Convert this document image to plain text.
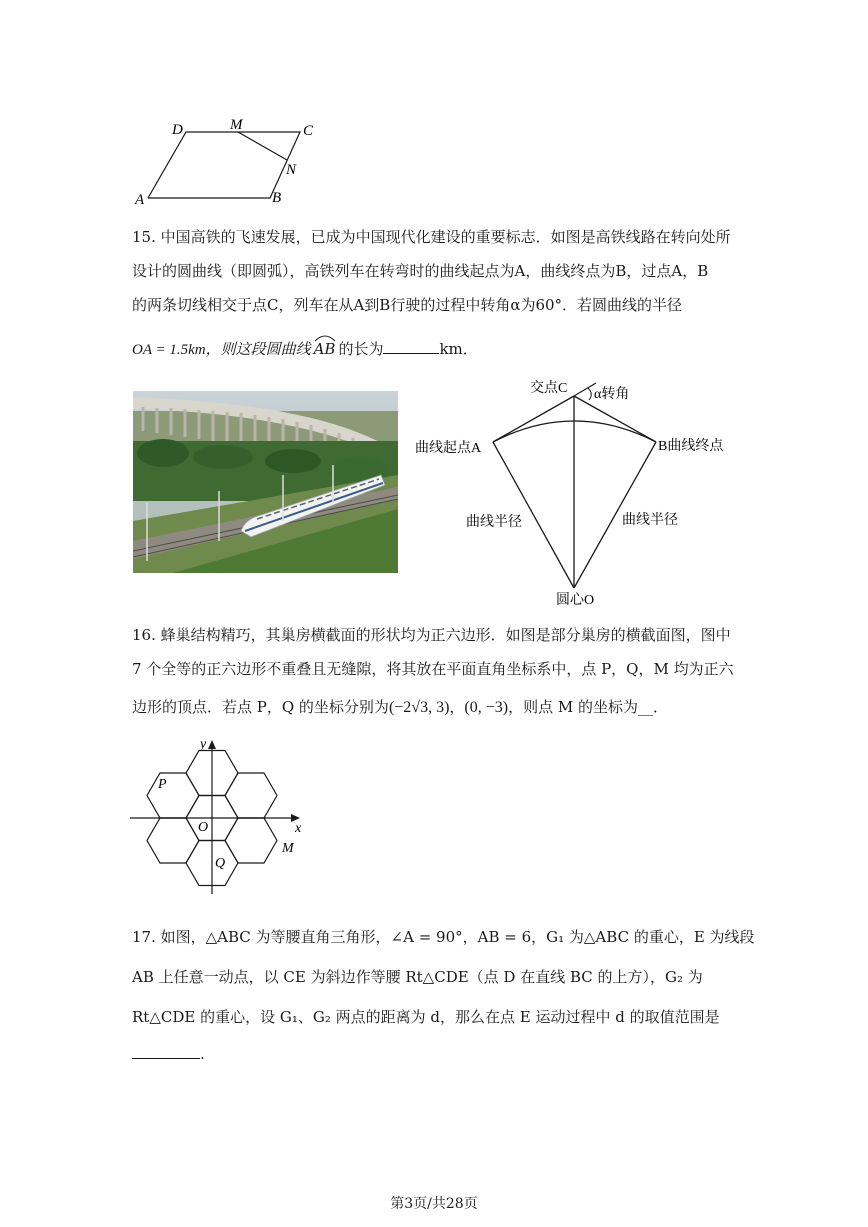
A	B
C
D	M
N
15. 中国高铁的飞速发展，已成为中国现代化建设的重要标志．如图是高铁线路在转向处所
设计的圆曲线（即圆弧），高铁列车在转弯时的曲线起点为A，曲线终点为B，过点A，B
的两条切线相交于点C，列车在从A到B行驶的过程中转角α为60°．若圆曲线的半径
OA = 1.5km，则这段圆曲线 AB 的长为	km．
交点C α转角
曲线起点A	B曲线终点
曲线半径	曲线半径
圆心O
16. 蜂巢结构精巧，其巢房横截面的形状均为正六边形．如图是部分巢房的横截面图，图中
7 个全等的正六边形不重叠且无缝隙，将其放在平面直角坐标系中，点 P，Q，M 均为正六
边形的顶点．若点 P，Q 的坐标分别为(−2√3, 3)，(0, −3)，则点 M 的坐标为__．
y
x
O
P
Q
M
17. 如图，△ABC 为等腰直角三角形，∠A = 90°，AB = 6，G₁ 为△ABC 的重心，E 为线段
AB 上任意一动点，以 CE 为斜边作等腰 Rt△CDE（点 D 在直线 BC 的上方），G₂ 为
Rt△CDE 的重心，设 G₁、G₂ 两点的距离为 d，那么在点 E 运动过程中 d 的取值范围是
.
第3页/共28页
